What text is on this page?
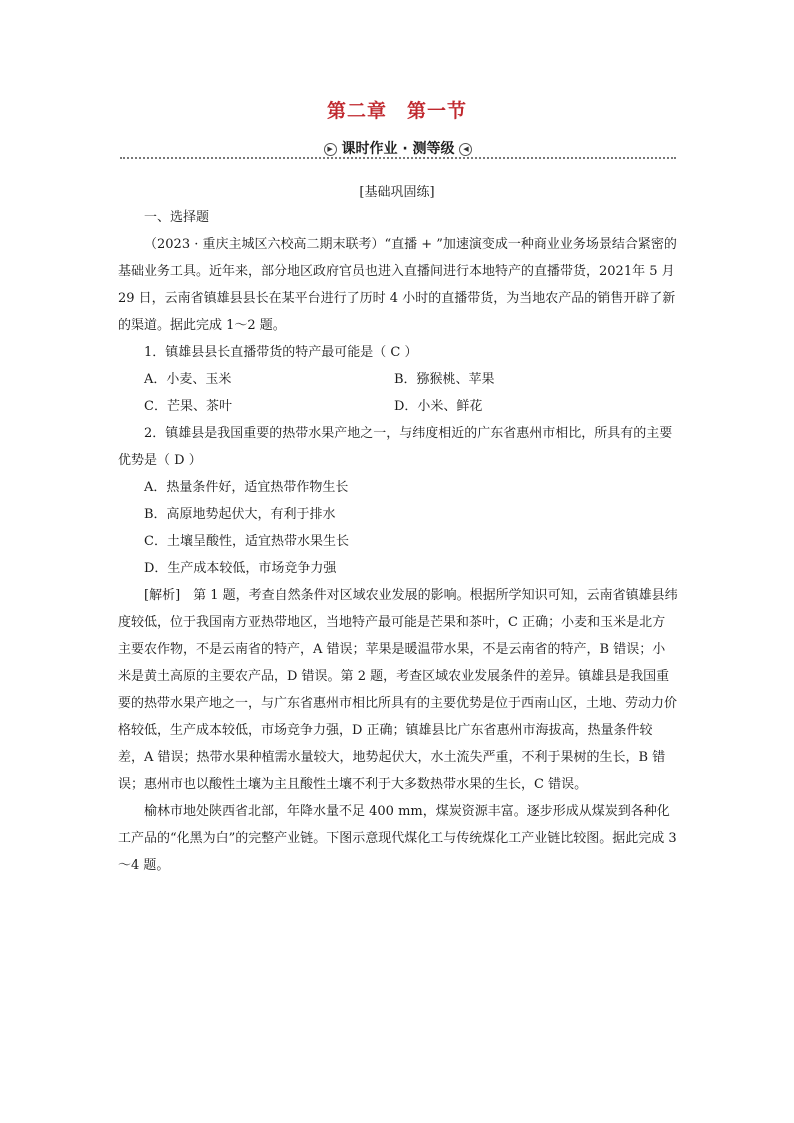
第二章　第一节
▶ 课时作业 · 测等级 ◀
[基础巩固练]

一、选择题

（2023 · 重庆主城区六校高二期末联考）“直播 + ”加速演变成一种商业业务场景结合紧密的基础业务工具。近年来，部分地区政府官员也进入直播间进行本地特产的直播带货，2021年 5 月 29 日，云南省镇雄县县长在某平台进行了历时 4 小时的直播带货，为当地农产品的销售开辟了新的渠道。据此完成 1～2 题。

1．镇雄县县长直播带货的特产最可能是（ C ）

A．小麦、玉米	B．猕猴桃、苹果
C．芒果、茶叶	D．小米、鲜花

2．镇雄县是我国重要的热带水果产地之一，与纬度相近的广东省惠州市相比，所具有的主要优势是（ D ）

A．热量条件好，适宜热带作物生长

B．高原地势起伏大，有利于排水

C．土壤呈酸性，适宜热带水果生长

D．生产成本较低，市场竞争力强

[解析]　第 1 题，考查自然条件对区域农业发展的影响。根据所学知识可知，云南省镇雄县纬度较低，位于我国南方亚热带地区，当地特产最可能是芒果和茶叶，C 正确；小麦和玉米是北方主要农作物，不是云南省的特产，A 错误；苹果是暖温带水果，不是云南省的特产，B 错误；小米是黄土高原的主要农产品，D 错误。第 2 题，考查区域农业发展条件的差异。镇雄县是我国重要的热带水果产地之一，与广东省惠州市相比所具有的主要优势是位于西南山区，土地、劳动力价格较低，生产成本较低，市场竞争力强，D 正确；镇雄县比广东省惠州市海拔高，热量条件较差，A 错误；热带水果种植需水量较大，地势起伏大，水土流失严重，不利于果树的生长，B 错误；惠州市也以酸性土壤为主且酸性土壤不利于大多数热带水果的生长，C 错误。

榆林市地处陕西省北部，年降水量不足 400 mm，煤炭资源丰富。逐步形成从煤炭到各种化工产品的“化黑为白”的完整产业链。下图示意现代煤化工与传统煤化工产业链比较图。据此完成 3～4 题。
